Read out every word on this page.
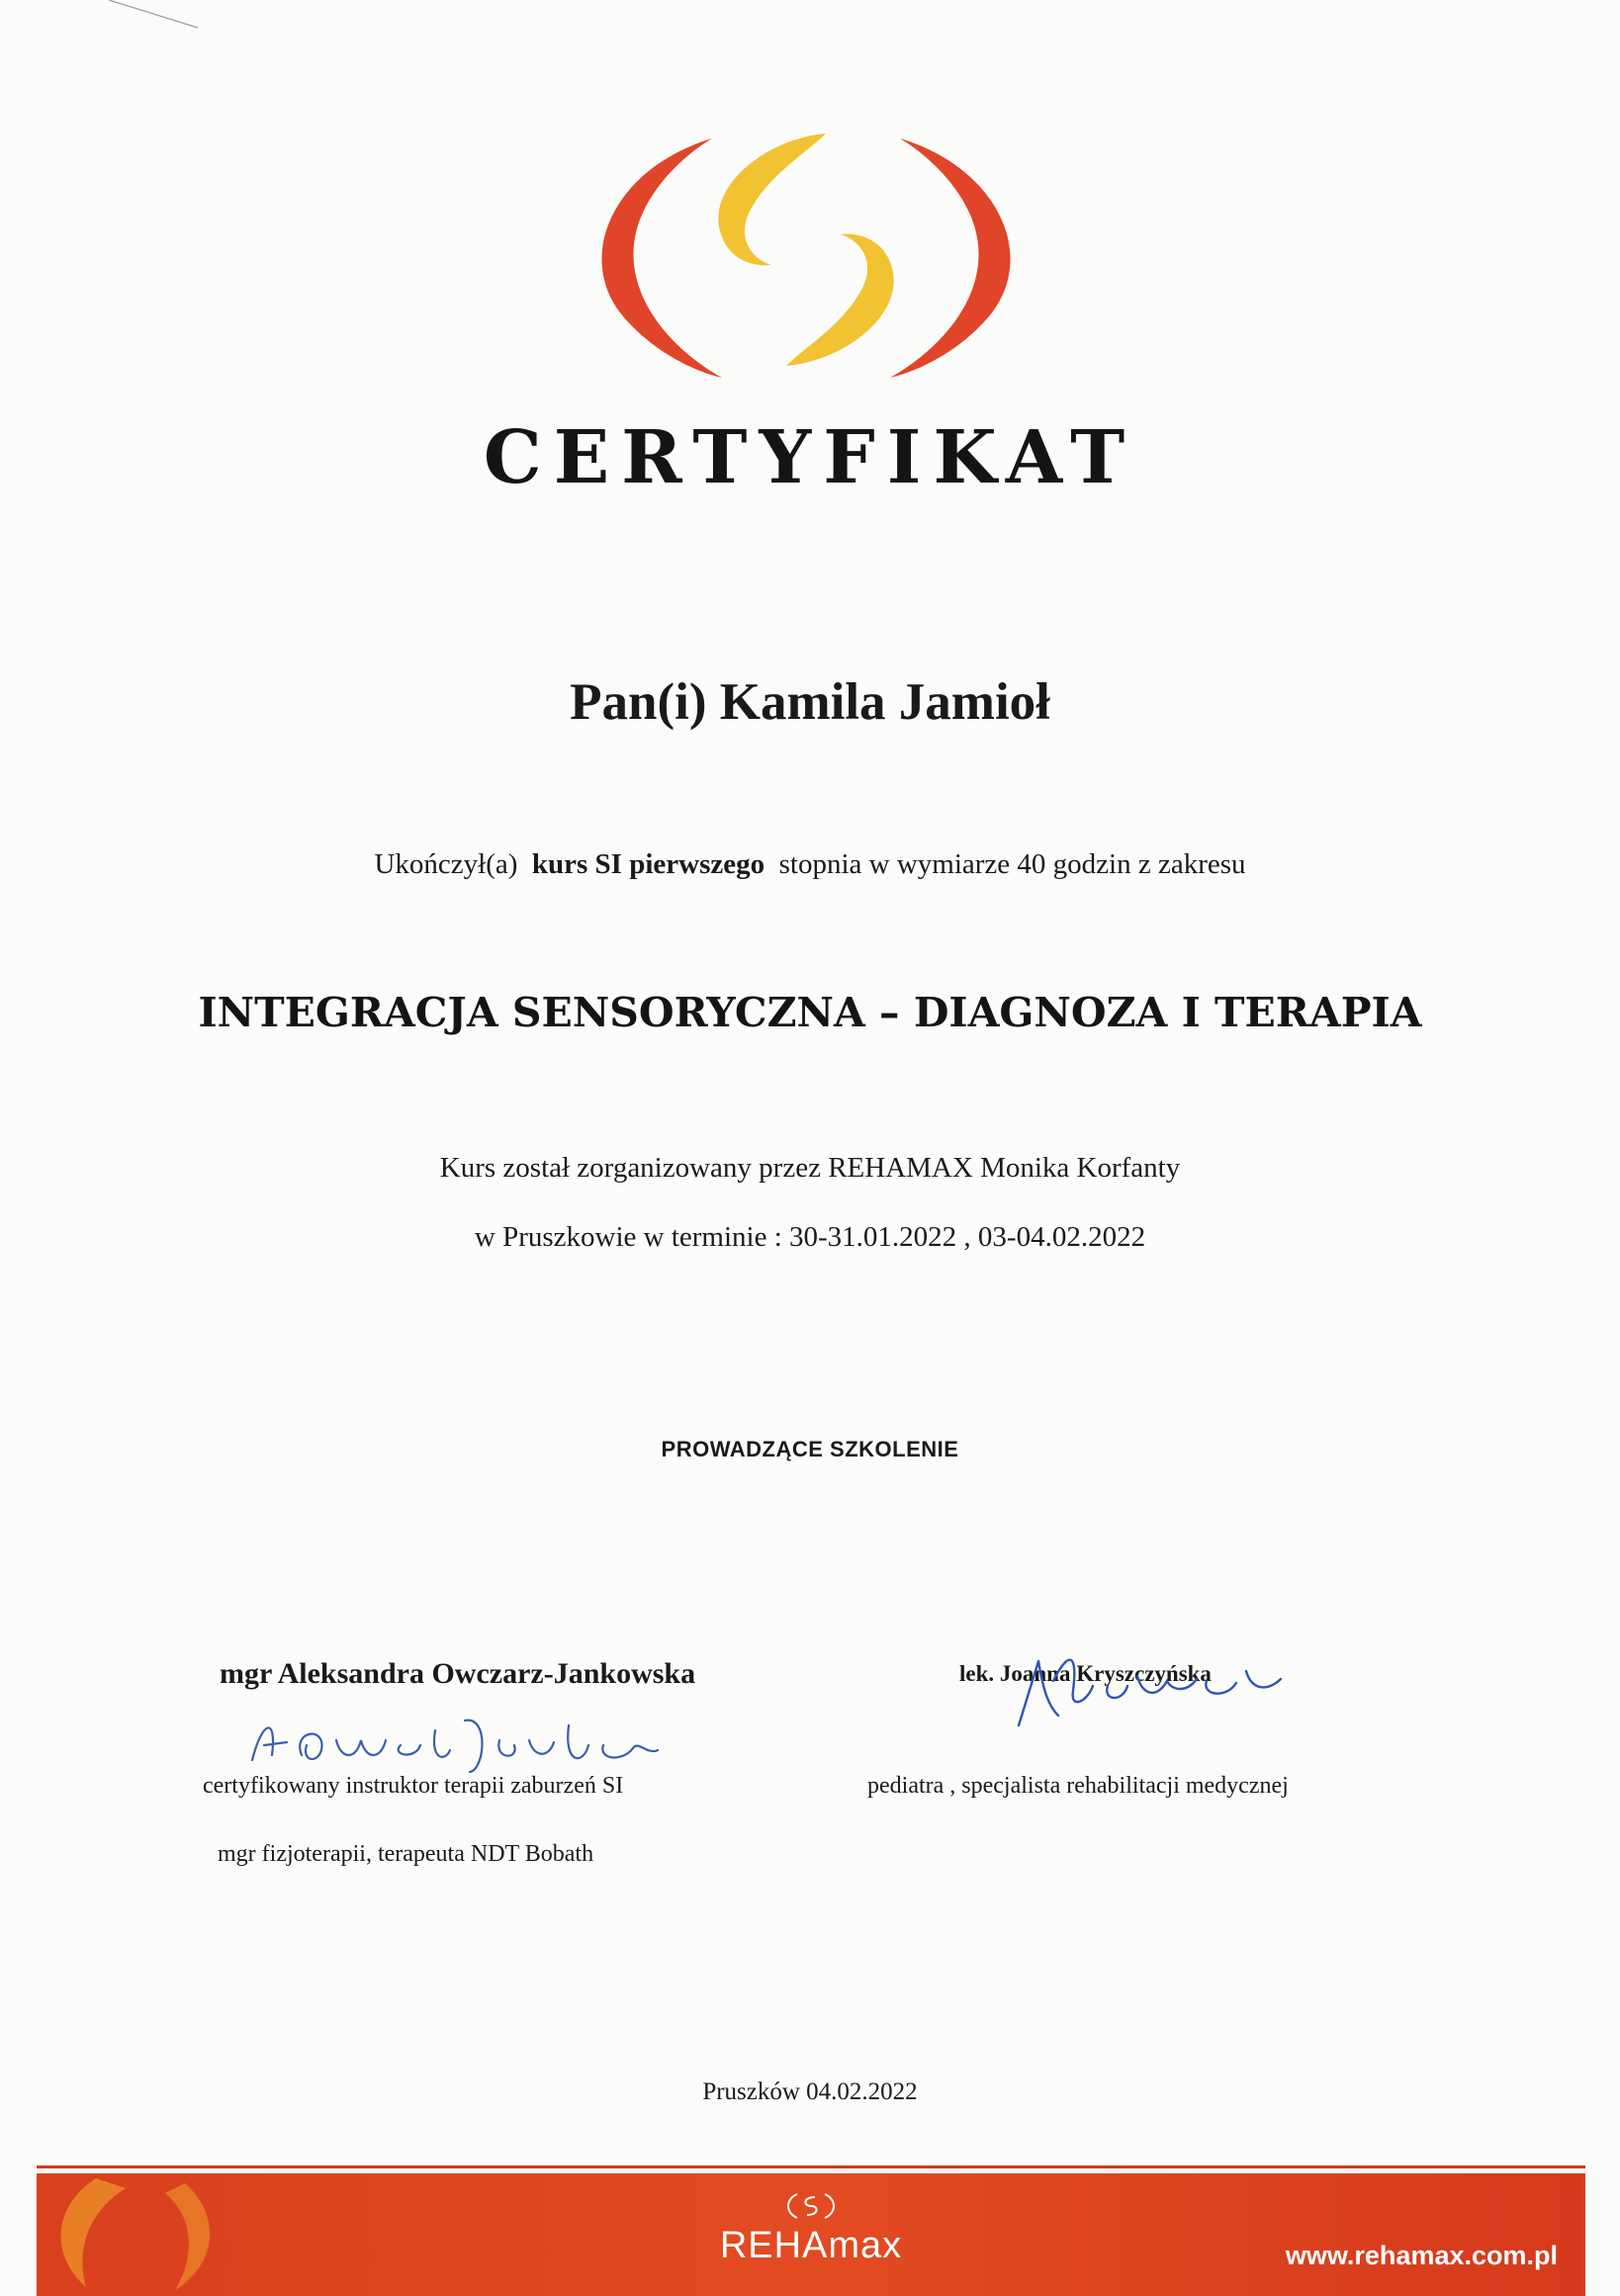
CERTYFIKAT
Pan(i) Kamila Jamioł
Ukończył(a) kurs SI pierwszego stopnia w wymiarze 40 godzin z zakresu
INTEGRACJA SENSORYCZNA – DIAGNOZA I TERAPIA
Kurs został zorganizowany przez REHAMAX Monika Korfanty
w Pruszkowie w terminie : 30-31.01.2022 , 03-04.02.2022
PROWADZĄCE SZKOLENIE
mgr Aleksandra Owczarz-Jankowska
certyfikowany instruktor terapii zaburzeń SI
mgr fizjoterapii, terapeuta NDT Bobath
lek. Joanna Kryszczyńska
pediatra , specjalista rehabilitacji medycznej
Pruszków 04.02.2022
REHAmax	www.rehamax.com.pl
